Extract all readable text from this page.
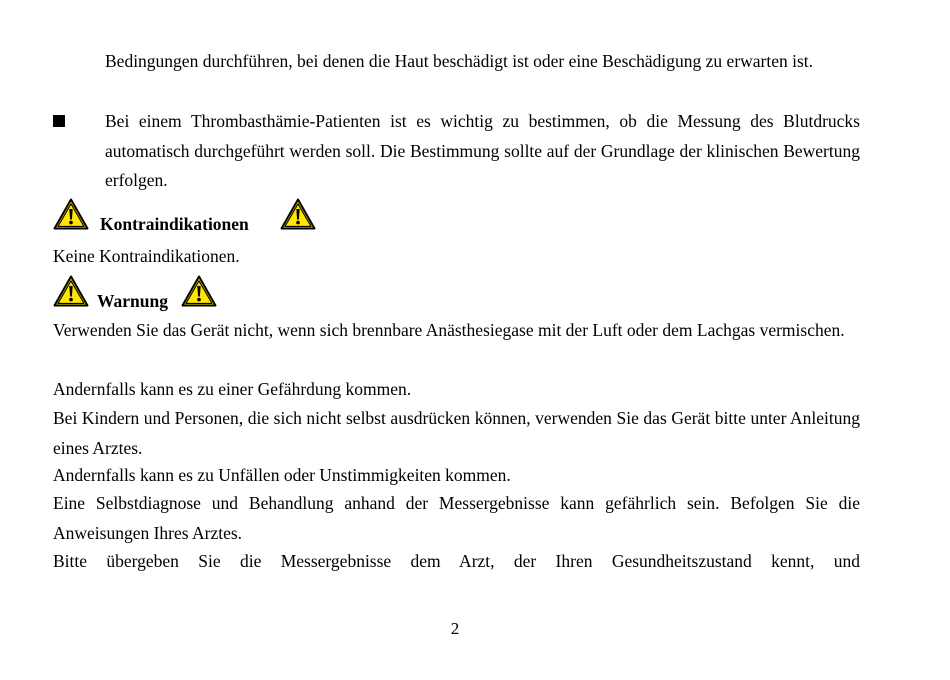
Bedingungen durchführen, bei denen die Haut beschädigt ist oder eine Beschädigung zu erwarten ist.

Bei einem Thrombasthämie-Patienten ist es wichtig zu bestimmen, ob die Messung des Blutdrucks automatisch durchgeführt werden soll. Die Bestimmung sollte auf der Grundlage der klinischen Bewertung erfolgen.

Kontraindikationen

Keine Kontraindikationen.

Warnung

Verwenden Sie das Gerät nicht, wenn sich brennbare Anästhesiegase mit der Luft oder dem Lachgas vermischen.

Andernfalls kann es zu einer Gefährdung kommen.

Bei Kindern und Personen, die sich nicht selbst ausdrücken können, verwenden Sie das Gerät bitte unter Anleitung eines Arztes.

Andernfalls kann es zu Unfällen oder Unstimmigkeiten kommen.

Eine Selbstdiagnose und Behandlung anhand der Messergebnisse kann gefährlich sein. Befolgen Sie die Anweisungen Ihres Arztes.

Bitte übergeben Sie die Messergebnisse dem Arzt, der Ihren Gesundheitszustand kennt, und

2
